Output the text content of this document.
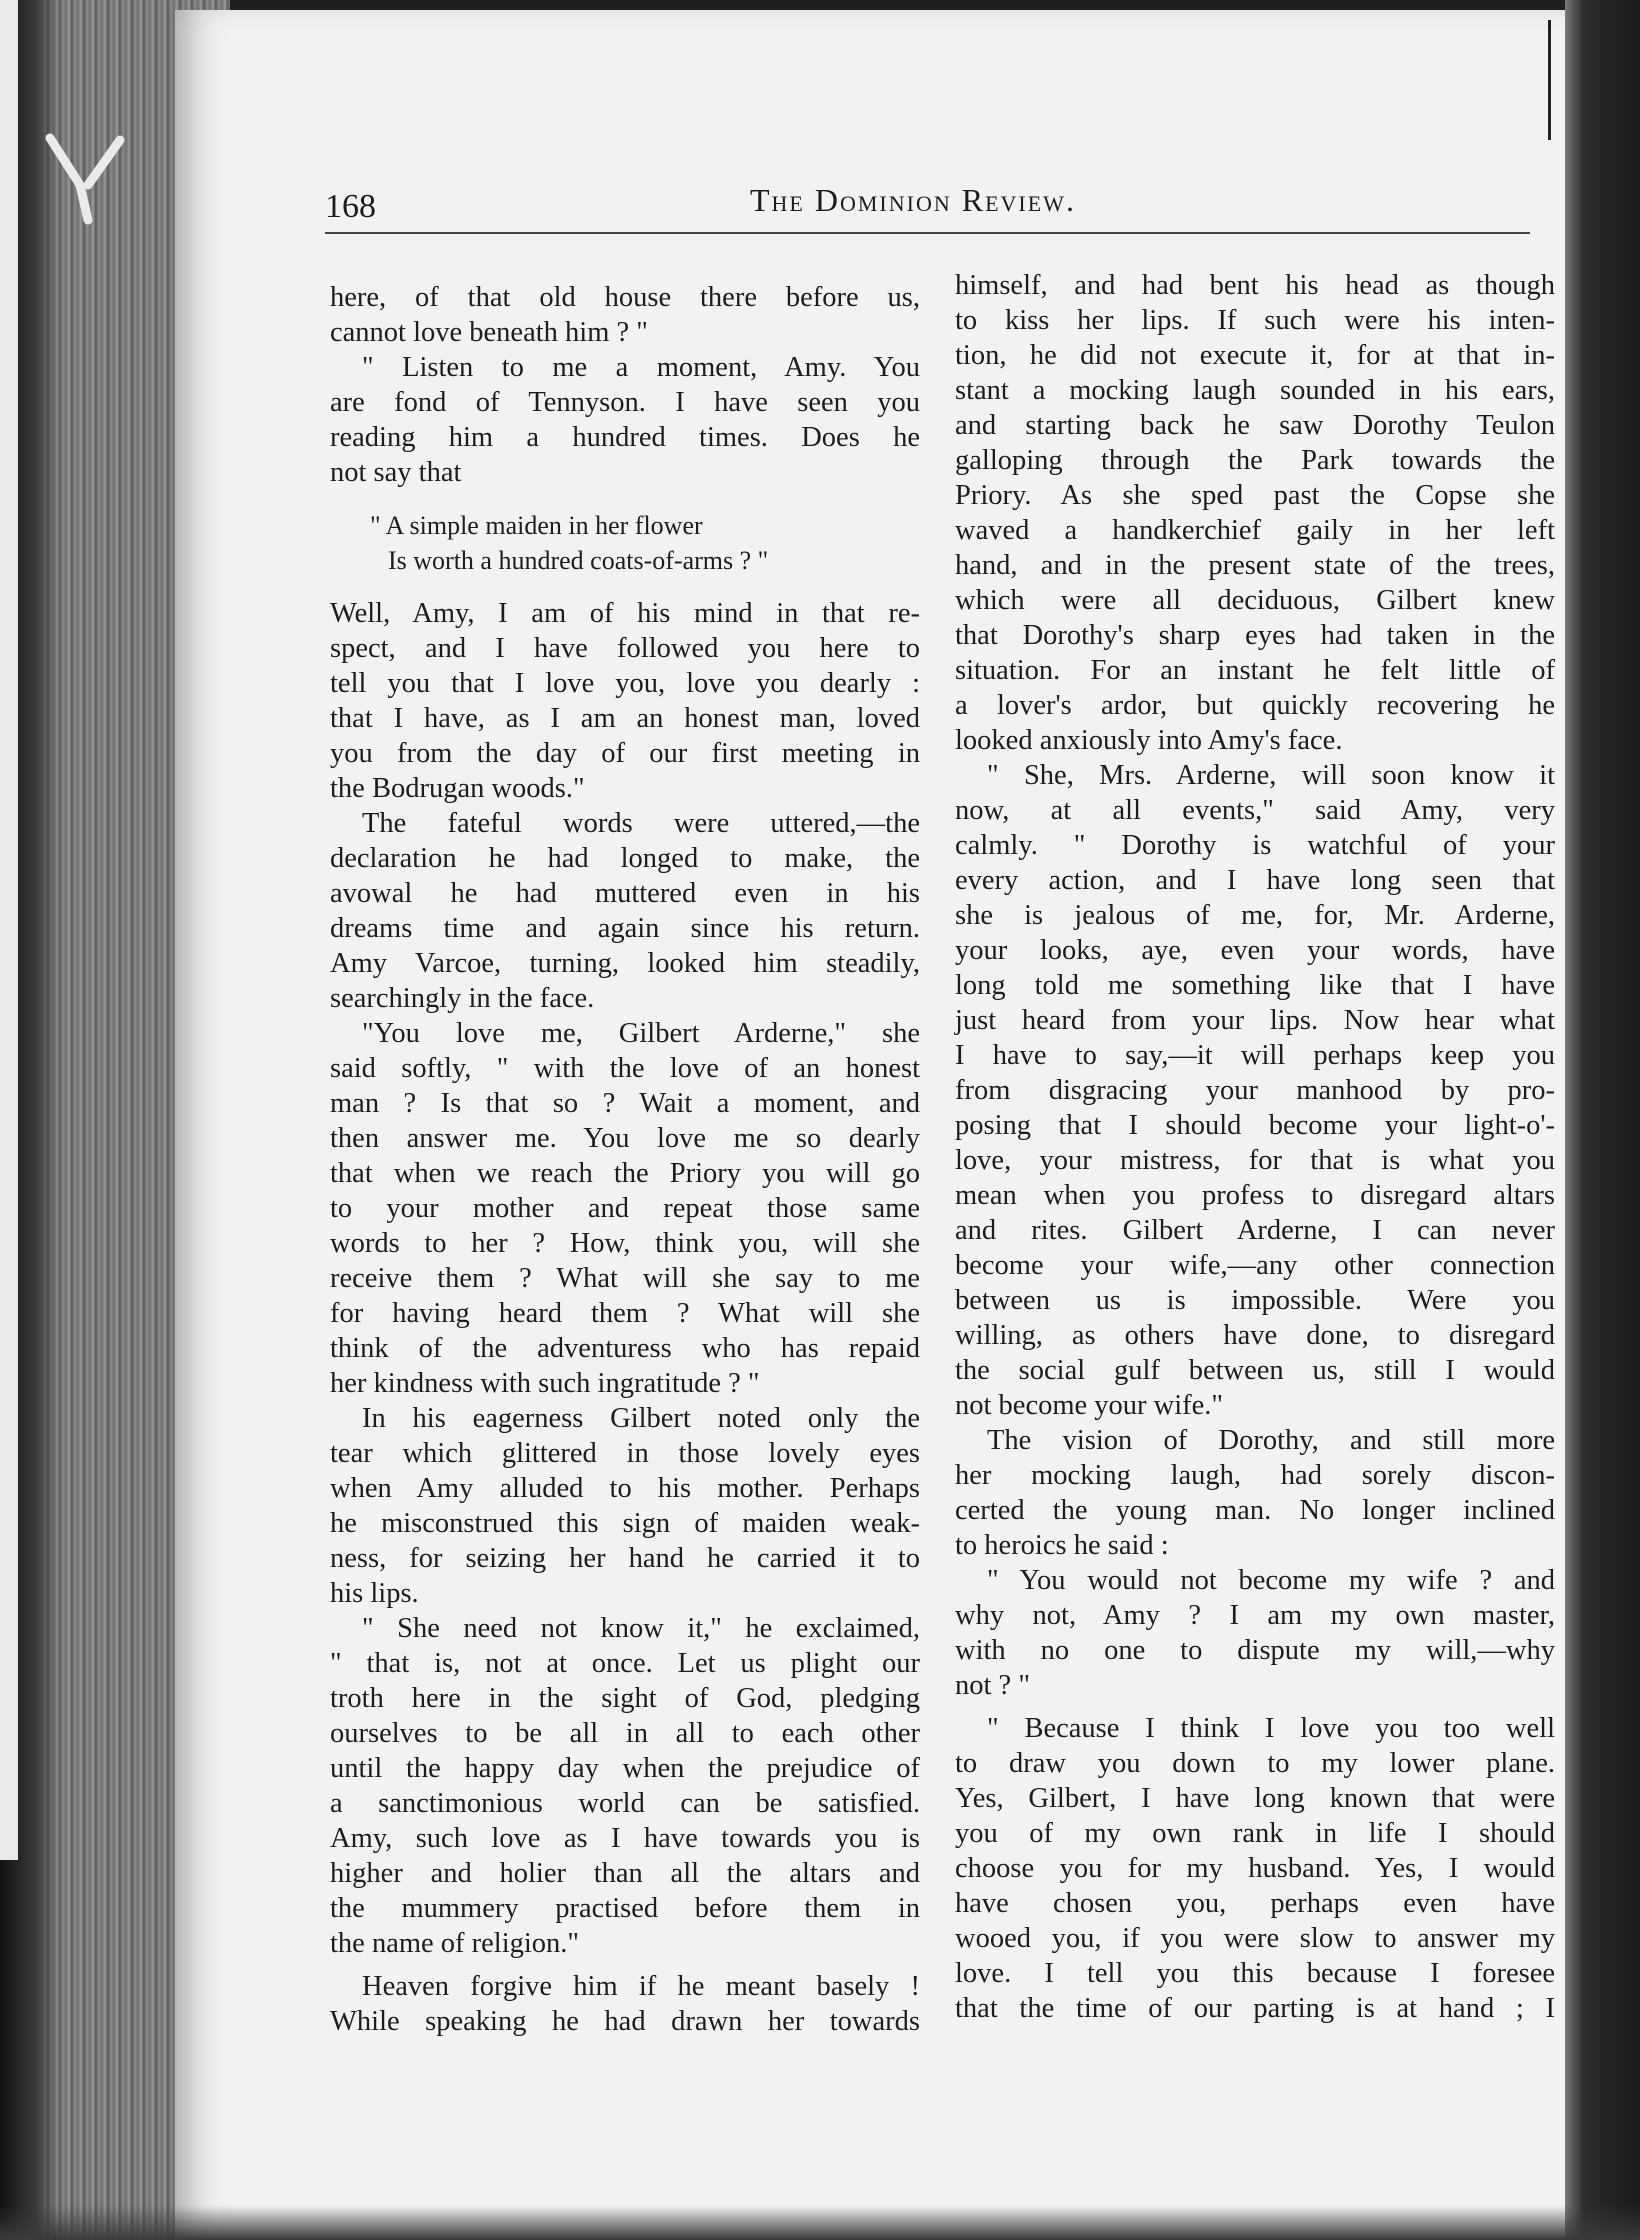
168	The Dominion Review.
here, of that old house there before us,
cannot love beneath him ? "
" Listen to me a moment, Amy. You
are fond of Tennyson. I have seen you
reading him a hundred times. Does he
not say that
" A simple maiden in her flower
Is worth a hundred coats-of-arms ? "
Well, Amy, I am of his mind in that re-
spect, and I have followed you here to
tell you that I love you, love you dearly :
that I have, as I am an honest man, loved
you from the day of our first meeting in
the Bodrugan woods."
The fateful words were uttered,—the
declaration he had longed to make, the
avowal he had muttered even in his
dreams time and again since his return.
Amy Varcoe, turning, looked him steadily,
searchingly in the face.
"You love me, Gilbert Arderne," she
said softly, " with the love of an honest
man ? Is that so ? Wait a moment, and
then answer me. You love me so dearly
that when we reach the Priory you will go
to your mother and repeat those same
words to her ? How, think you, will she
receive them ? What will she say to me
for having heard them ? What will she
think of the adventuress who has repaid
her kindness with such ingratitude ? "
In his eagerness Gilbert noted only the
tear which glittered in those lovely eyes
when Amy alluded to his mother. Perhaps
he misconstrued this sign of maiden weak-
ness, for seizing her hand he carried it to
his lips.
" She need not know it," he exclaimed,
" that is, not at once. Let us plight our
troth here in the sight of God, pledging
ourselves to be all in all to each other
until the happy day when the prejudice of
a sanctimonious world can be satisfied.
Amy, such love as I have towards you is
higher and holier than all the altars and
the mummery practised before them in
the name of religion."
Heaven forgive him if he meant basely !
While speaking he had drawn her towards
himself, and had bent his head as though
to kiss her lips. If such were his inten-
tion, he did not execute it, for at that in-
stant a mocking laugh sounded in his ears,
and starting back he saw Dorothy Teulon
galloping through the Park towards the
Priory. As she sped past the Copse she
waved a handkerchief gaily in her left
hand, and in the present state of the trees,
which were all deciduous, Gilbert knew
that Dorothy's sharp eyes had taken in the
situation. For an instant he felt little of
a lover's ardor, but quickly recovering he
looked anxiously into Amy's face.
" She, Mrs. Arderne, will soon know it
now, at all events," said Amy, very
calmly. " Dorothy is watchful of your
every action, and I have long seen that
she is jealous of me, for, Mr. Arderne,
your looks, aye, even your words, have
long told me something like that I have
just heard from your lips. Now hear what
I have to say,—it will perhaps keep you
from disgracing your manhood by pro-
posing that I should become your light-o'-
love, your mistress, for that is what you
mean when you profess to disregard altars
and rites. Gilbert Arderne, I can never
become your wife,—any other connection
between us is impossible. Were you
willing, as others have done, to disregard
the social gulf between us, still I would
not become your wife."
The vision of Dorothy, and still more
her mocking laugh, had sorely discon-
certed the young man. No longer inclined
to heroics he said :
" You would not become my wife ? and
why not, Amy ? I am my own master,
with no one to dispute my will,—why
not ? "
" Because I think I love you too well
to draw you down to my lower plane.
Yes, Gilbert, I have long known that were
you of my own rank in life I should
choose you for my husband. Yes, I would
have chosen you, perhaps even have
wooed you, if you were slow to answer my
love. I tell you this because I foresee
that the time of our parting is at hand ; I
